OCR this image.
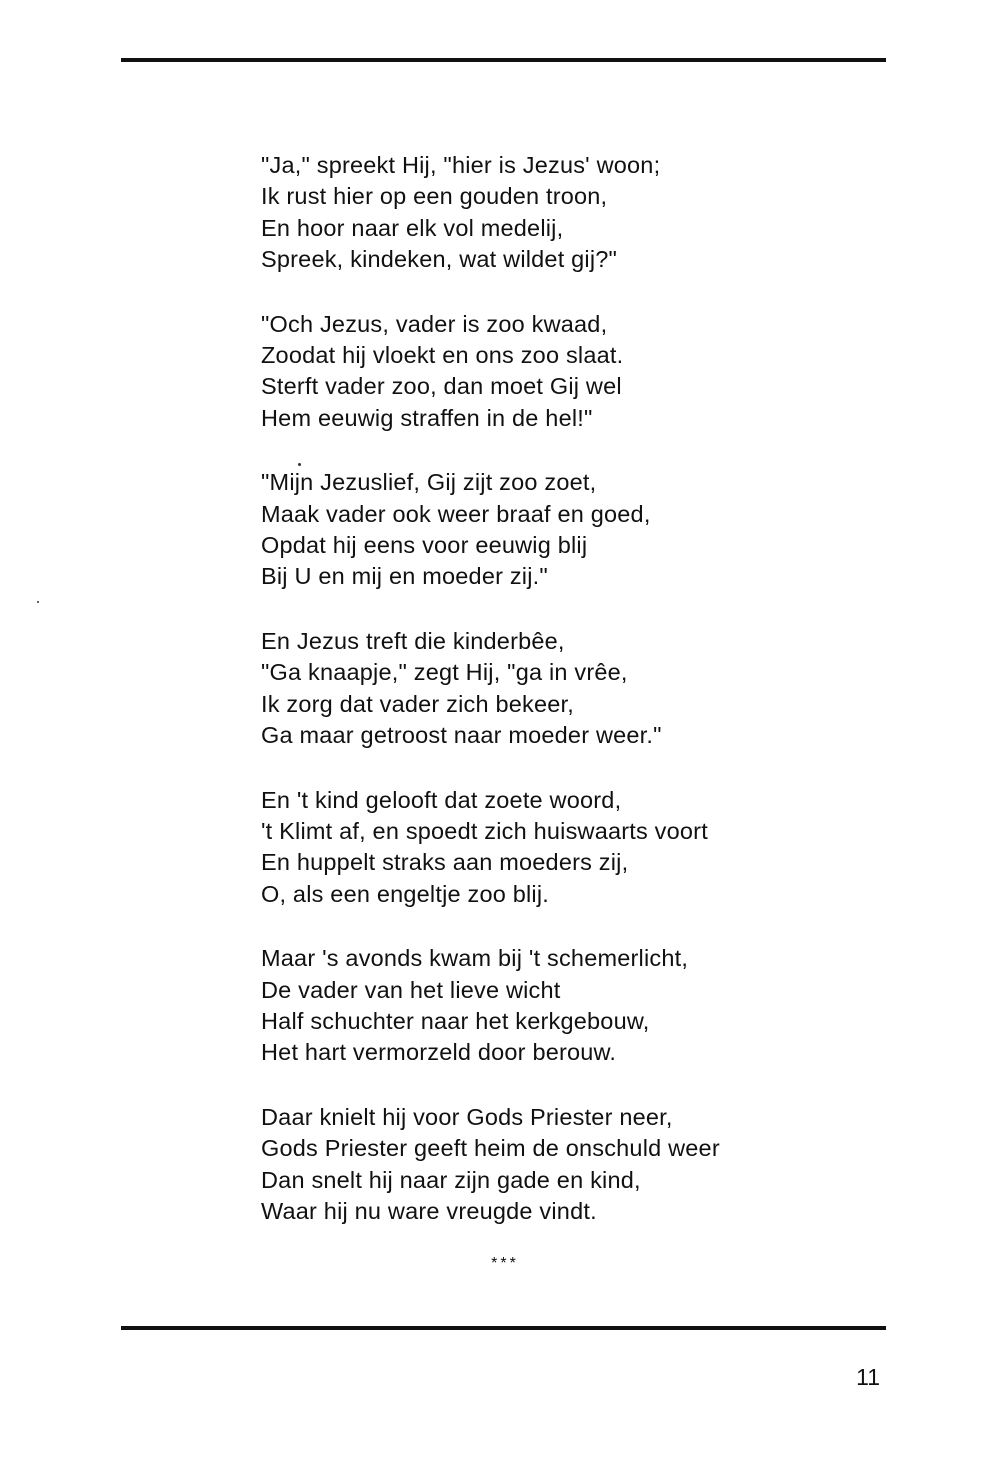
"Ja," spreekt Hij, "hier is Jezus' woon;
Ik rust hier op een gouden troon,
En hoor naar elk vol medelij,
Spreek, kindeken, wat wildet gij?"
"Och Jezus, vader is zoo kwaad,
Zoodat hij vloekt en ons zoo slaat.
Sterft vader zoo, dan moet Gij wel
Hem eeuwig straffen in de hel!"
"Mijn Jezuslief, Gij zijt zoo zoet,
Maak vader ook weer braaf en goed,
Opdat hij eens voor eeuwig blij
Bij U en mij en moeder zij."
En Jezus treft die kinderbêe,
"Ga knaapje," zegt Hij, "ga in vrêe,
Ik zorg dat vader zich bekeer,
Ga maar getroost naar moeder weer."
En 't kind gelooft dat zoete woord,
't Klimt af, en spoedt zich huiswaarts voort
En huppelt straks aan moeders zij,
O, als een engeltje zoo blij.
Maar 's avonds kwam bij 't schemerlicht,
De vader van het lieve wicht
Half schuchter naar het kerkgebouw,
Het hart vermorzeld door berouw.
Daar knielt hij voor Gods Priester neer,
Gods Priester geeft heim de onschuld weer
Dan snelt hij naar zijn gade en kind,
Waar hij nu ware vreugde vindt.
***
11
